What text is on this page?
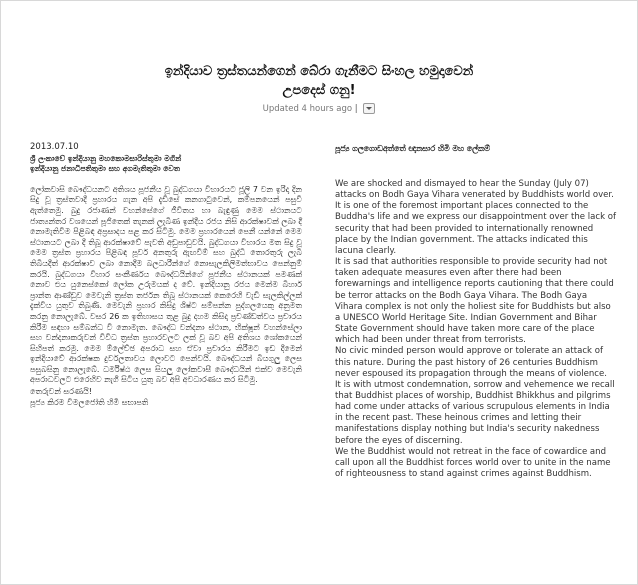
ඉන්දියාව ත්‍රස්තයන්ගෙන් බේරා ගැනීමට සිංහල හමුදාවෙන්
උපදෙස් ගනු!
Updated 4 hours ago |
2013.07.10
ශ්‍රී ලංකාවේ ඉන්දියානු මහකොමසාරිස්තුමා මගින්
ඉන්දියානු ජනාධිපතිතුමා සහ අගමැතිතුමා වෙත
ලෝකවාසි බෞද්ධයනට අතිශය පූජනීය වූ බුද්ධගයා විහාරයට ජූලි 7 වන ඉරිදා දින සිදු වූ ත්‍රස්තවාදී ප්‍රහාරය ගැන අපි දැඩිසේ කනගාටුවෙන්, කම්පනයෙන් පසුවී ඇත්තෙමු. බුදු රජාණන් වහන්සේගේ ජීවිතය හා බැඳුණු මෙම ස්ථානයට ජාත්‍යන්තර වශයෙන් පූජිතෙක් තැනක් ලැබිණ ඉන්දීය රජය නිසි ආරක්ෂාවක් ලබා දී නොමැතිවීම පිළිබඳ අප්‍රසාදය පළ කර සිටිමු. මෙම ප්‍රහාරයෙන් පෙනී යන්නේ මෙම ස්ථානයට ලබා දී තිබූ ආරක්ෂාවේ පැවති අඩුපාඩුවයි. බුද්ධගයා විහාරය මත සිදු වූ මෙම ත්‍රස්ත ප්‍රහාරය පිළිබඳ පූර්ව අනතුරු ඇඟවීම් සහ බුද්ධි තොරතුරු ලැබී තිබියදීත් ආරක්ෂාව ලබා නොදීම බලධාරීන්ගේ නොසැලකිලිමත්භාවය පෙන්නුම් කරයි. බුද්ධගයා විහාර සංකීර්ණය බෞද්ධයින්ගේ පූජනීය ස්ථානයක් පමණක් නොව එය යුනෙස්කෝ ලෝක උරුමයක් ද වේ. ඉන්දියානු රජය මෙන්ම බිහාර් ප්‍රාන්ත ආණ්ඩුව මෙවැනි ත්‍රස්ත තර්ජන තිබූ ස්ථානයක් කෙරෙහි වැඩි සැලකිල්ලක් දැක්විය යුතුව තිබුණි. මෙවැනි ප්‍රහාර කිසිදු ශිෂ්ට සම්පන්න පුද්ගලයෙකු අනුමත කරනු නොලැබේ. වසර 26 ක ඉතිහාසය තුළ බුදු දහම කිසිදා ප්‍රචණ්ඩත්වය ප්‍රචාරය කිරීම සඳහා සම්බන්ධ වී නොමැත. බෞද්ධ වන්දනා ස්ථාන, භික්ෂූන් වහන්සේලා සහ වන්දනාකරුවන් විවිධ ත්‍රස්ත ප්‍රහාරවලට ලක් වූ බව අපි අතිශය ශෝකයෙන් සිහිපත් කරමු. මෙම ම්ලේච්ඡ අපරාධ සහ ඒවා ප්‍රචාරය කිරීමට ඉඩ දීමෙන් ඉන්දියාවේ ආරක්ෂක දුර්වලතාවය ලොවට පෙන්වයි. බෞද්ධයන් බියගුලු ලෙස පසුබසිනු නොලැබේ. ධර්මිෂ්ඨ ලෙස සියලු ලෝකවාසී බෞද්ධයින් එක්ව මෙවැනි අපරාධවලට එරෙහිව නැගී සිටිය යුතු බව අපි අවධාරණය කර සිටිමු.
තෙරුවන් සරණයි!
පූජ්‍ය කිරම විමලජෝති හිමි සභාපති
පූජ්‍ය ගලගොඩඅත්තේ ඥානසාර හිමි මහ ලේකම්
We are shocked and dismayed to hear the Sunday (July 07) attacks on Bodh Gaya Vihara venerated by Buddhists world over. It is one of the foremost important places connected to the Buddha's life and we express our disappointment over the lack of security that had been provided to internationally renowned place by the Indian government. The attacks indicated this lacuna clearly.
It is sad that authorities responsible to provide security had not taken adequate measures even after there had been forewarnings and intelligence reports cautioning that there could be terror attacks on the Bodh Gaya Vihara. The Bodh Gaya Vihara complex is not only the holiest site for Buddhists but also a UNESCO World Heritage Site. Indian Government and Bihar State Government should have taken more care of the place which had been under threat from terrorists.
No civic minded person would approve or tolerate an attack of this nature. During the past history of 26 centuries Buddhism never espoused its propagation through the means of violence.
It is with utmost condemnation, sorrow and vehemence we recall that Buddhist places of worship, Buddhist Bhikkhus and pilgrims had come under attacks of various scrupulous elements in India in the recent past. These heinous crimes and letting their manifestations display nothing but India's security nakedness before the eyes of discerning.
We the Buddhist would not retreat in the face of cowardice and call upon all the Buddhist forces world over to unite in the name of righteousness to stand against crimes against Buddhism.
